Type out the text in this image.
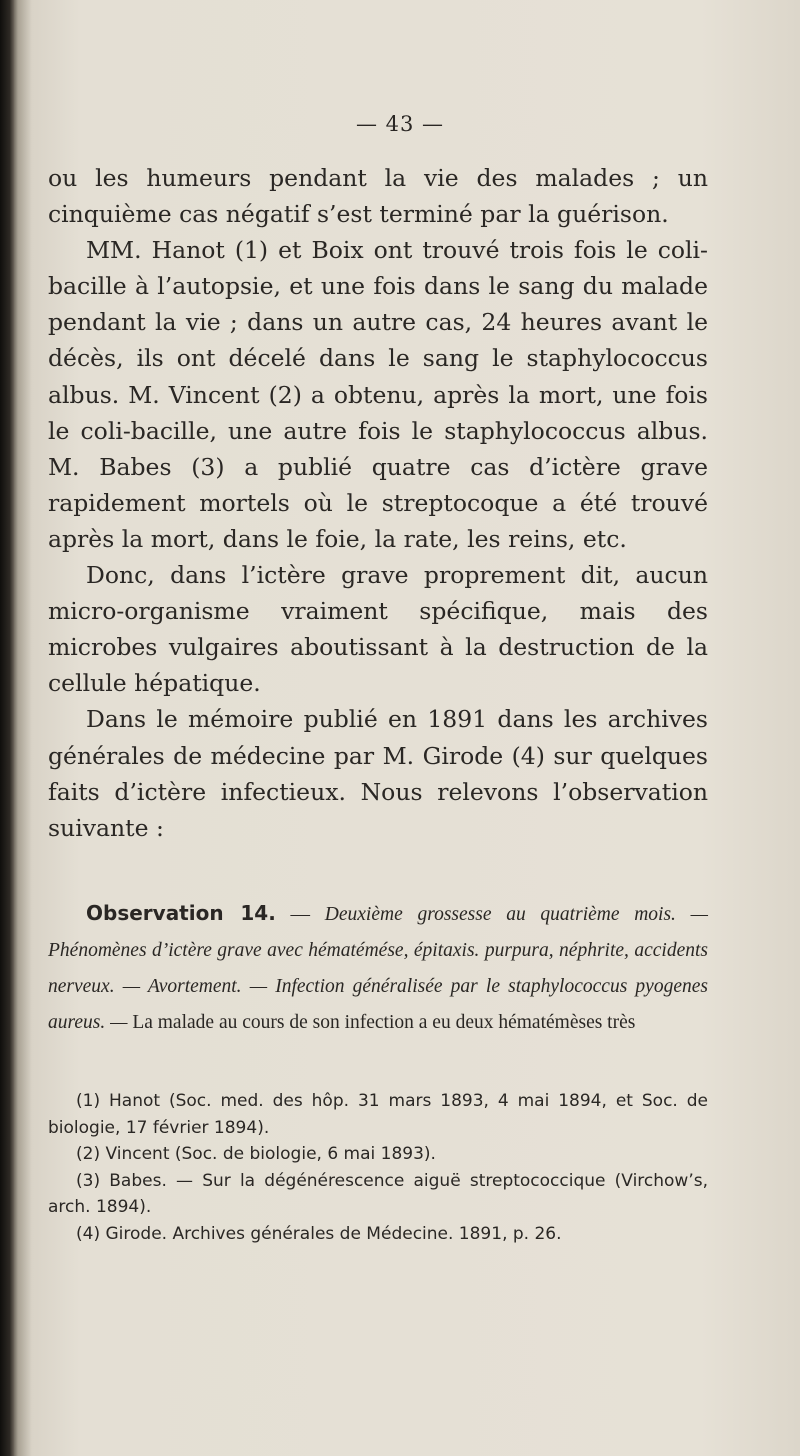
— 43 —

ou les humeurs pendant la vie des malades ; un cinquième cas négatif s’est terminé par la guérison.

MM. Hanot (1) et Boix ont trouvé trois fois le coli-bacille à l’autopsie, et une fois dans le sang du malade pendant la vie ; dans un autre cas, 24 heures avant le décès, ils ont décelé dans le sang le staphylococcus albus. M. Vincent (2) a obtenu, après la mort, une fois le coli-bacille, une autre fois le staphylococcus albus. M. Babes (3) a publié quatre cas d’ictère grave rapidement mortels où le streptocoque a été trouvé après la mort, dans le foie, la rate, les reins, etc.

Donc, dans l’ictère grave proprement dit, aucun micro-organisme vraiment spécifique, mais des microbes vulgaires aboutissant à la destruction de la cellule hépatique.

Dans le mémoire publié en 1891 dans les archives générales de médecine par M. Girode (4) sur quelques faits d’ictère infectieux. Nous relevons l’observation suivante :

Observation 14. — Deuxième grossesse au quatrième mois. — Phénomènes d’ictère grave avec hématémése, épitaxis. purpura, néphrite, accidents nerveux. — Avortement. — Infection généralisée par le staphylococcus pyogenes aureus. — La malade au cours de son infection a eu deux hématémèses très

(1) Hanot (Soc. med. des hôp. 31 mars 1893, 4 mai 1894, et Soc. de biologie, 17 février 1894).

(2) Vincent (Soc. de biologie, 6 mai 1893).

(3) Babes. — Sur la dégénérescence aiguë streptococcique (Virchow’s, arch. 1894).

(4) Girode. Archives générales de Médecine. 1891, p. 26.
